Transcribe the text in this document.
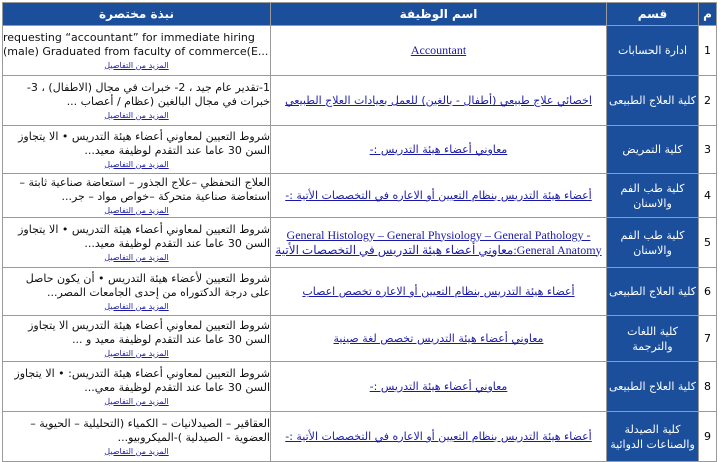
م	قسم	اسم الوظيفة	نبذة مختصرة
1	ادارة الحسابات	Accountant	requesting “accountant” for immediate hiring (male) Graduated from faculty of commerce(E...
المزيد من التفاصيل

2	كلية العلاج الطبيعى	اخصائي علاج طبيعي (أطفال - بالغين) للعمل بعيادات العلاج الطبيعي	1-تقدير عام جيد ، 2- خبرات في مجال (الاطفال) ، 3- خبرات في مجال البالغين (عظام / أعصاب ...
المزيد من التفاصيل

3	كلية التمريض	معاوني أعضاء هيئة التدريس :-	شروط التعيين لمعاوني أعضاء هيئة التدريس • الا يتجاوز السن 30 عاما عند التقدم لوظيفة معيد...
المزيد من التفاصيل

4	كلية طب الفم والاسنان	أعضاء هيئة التدريس بنظام التعيين أو الاعاره في التخصصات الأتية :-	العلاج التحفظي –علاج الجذور – استعاضة صناعية ثابتة – استعاضة صناعية متحركة –خواص مواد – جر...
المزيد من التفاصيل

5	كلية طب الفم والاسنان	General Histology – General Physiology – General Pathology - General Anatomy:معاوني أعضاء هيئة التدريس في التخصصات الأتية	شروط التعيين لمعاوني أعضاء هيئة التدريس • الا يتجاوز السن 30 عاما عند التقدم لوظيفة معيد...
المزيد من التفاصيل

6	كلية العلاج الطبيعى	أعضاء هيئة التدريس بنظام التعيين أو الاعاره تخصص اعصاب	شروط التعيين لأعضاء هيئة التدريس • أن يكون حاصل على درجة الدكتوراه من إحدى الجامعات المصر...
المزيد من التفاصيل

7	كلية اللغات والترجمة	معاوني أعضاء هيئة التدريس تخصص لغة صينية	شروط التعيين لمعاوني أعضاء هيئة التدريس الا يتجاوز السن 30 عاما عند التقدم لوظيفة معيد و ...
المزيد من التفاصيل

8	كلية العلاج الطبيعى	معاوني أعضاء هيئة التدريس :-	شروط التعيين لمعاوني أعضاء هيئة التدريس: • الا يتجاوز السن 30 عاما عند التقدم لوظيفة معي...
المزيد من التفاصيل

9	كلية الصيدلة والصناعات الدوائية	أعضاء هيئة التدريس بنظام التعيين أو الاعاره في التخصصات الأتية :-	العقاقير – الصيدلانيات – الكمياء (التحليلية – الحيوية – العضوية - الصيدلية )-الميكروبيو...
المزيد من التفاصيل
